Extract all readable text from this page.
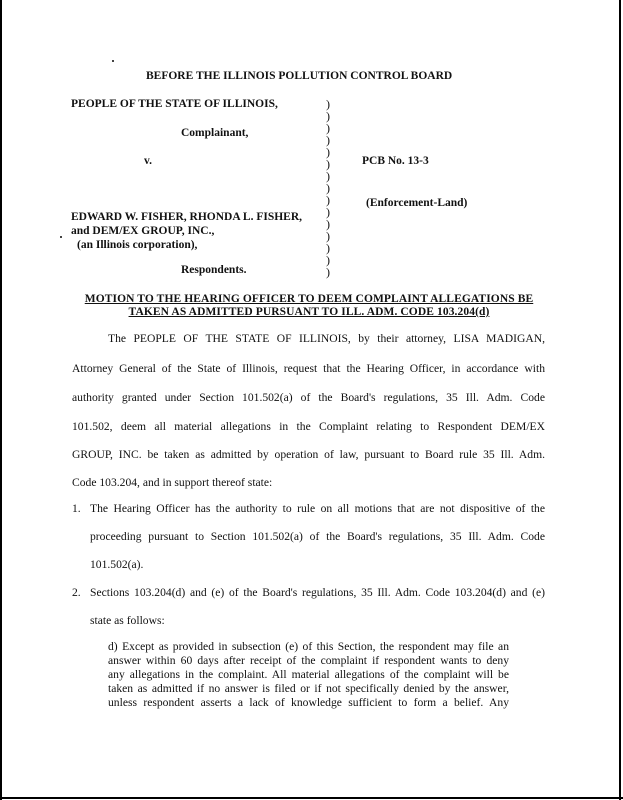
BEFORE THE ILLINOIS POLLUTION CONTROL BOARD
PEOPLE OF THE STATE OF ILLINOIS,
Complainant,
v.
EDWARD W. FISHER, RHONDA L. FISHER,
and DEM/EX GROUP, INC.,
(an Illinois corporation),
Respondents.
)
)
)
)
)
)
)
)
)
)
)
)
)
)
)
PCB No. 13-3
(Enforcement-Land)
MOTION TO THE HEARING OFFICER TO DEEM COMPLAINT ALLEGATIONS BE
TAKEN AS ADMITTED PURSUANT TO ILL. ADM. CODE 103.204(d)
The PEOPLE OF THE STATE OF ILLINOIS, by their attorney, LISA MADIGAN,
Attorney General of the State of Illinois, request that the Hearing Officer, in accordance with
authority granted under Section 101.502(a) of the Board's regulations, 35 Ill. Adm. Code
101.502, deem all material allegations in the Complaint relating to Respondent DEM/EX
GROUP, INC. be taken as admitted by operation of law, pursuant to Board rule 35 Ill. Adm.
Code 103.204, and in support thereof state:
1. The Hearing Officer has the authority to rule on all motions that are not dispositive of the
proceeding pursuant to Section 101.502(a) of the Board's regulations, 35 Ill. Adm. Code
101.502(a).
2. Sections 103.204(d) and (e) of the Board's regulations, 35 Ill. Adm. Code 103.204(d) and (e)
state as follows:
d) Except as provided in subsection (e) of this Section, the respondent may file an
answer within 60 days after receipt of the complaint if respondent wants to deny
any allegations in the complaint. All material allegations of the complaint will be
taken as admitted if no answer is filed or if not specifically denied by the answer,
unless respondent asserts a lack of knowledge sufficient to form a belief. Any
